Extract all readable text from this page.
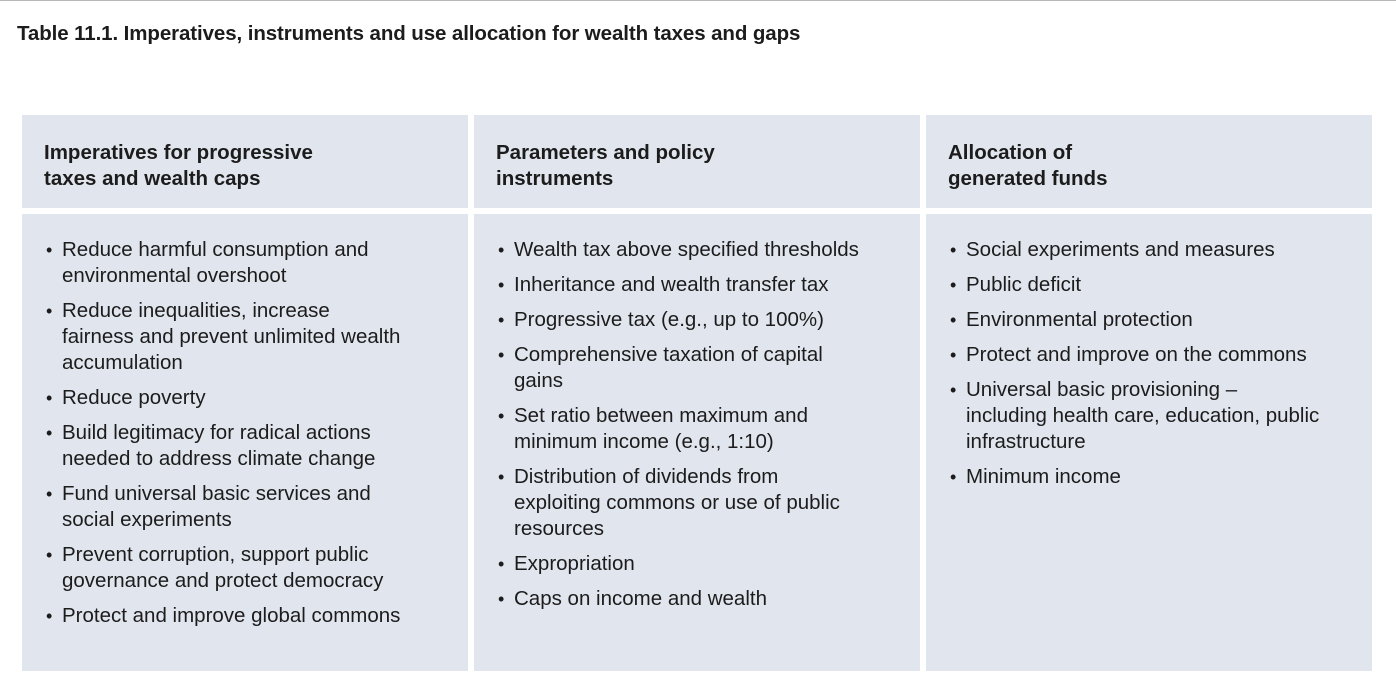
Table 11.1. Imperatives, instruments and use allocation for wealth taxes and gaps
Imperatives for progressive
taxes and wealth caps
• Reduce harmful consumption and
environmental overshoot
• Reduce inequalities, increase
fairness and prevent unlimited wealth
accumulation
• Reduce poverty
• Build legitimacy for radical actions
needed to address climate change
• Fund universal basic services and
social experiments
• Prevent corruption, support public
governance and protect democracy
• Protect and improve global commons
Parameters and policy
instruments
• Wealth tax above specified thresholds
• Inheritance and wealth transfer tax
• Progressive tax (e.g., up to 100%)
• Comprehensive taxation of capital
gains
• Set ratio between maximum and
minimum income (e.g., 1:10)
• Distribution of dividends from
exploiting commons or use of public
resources
• Expropriation
• Caps on income and wealth
Allocation of
generated funds
• Social experiments and measures
• Public deficit
• Environmental protection
• Protect and improve on the commons
• Universal basic provisioning –
including health care, education, public
infrastructure
• Minimum income
